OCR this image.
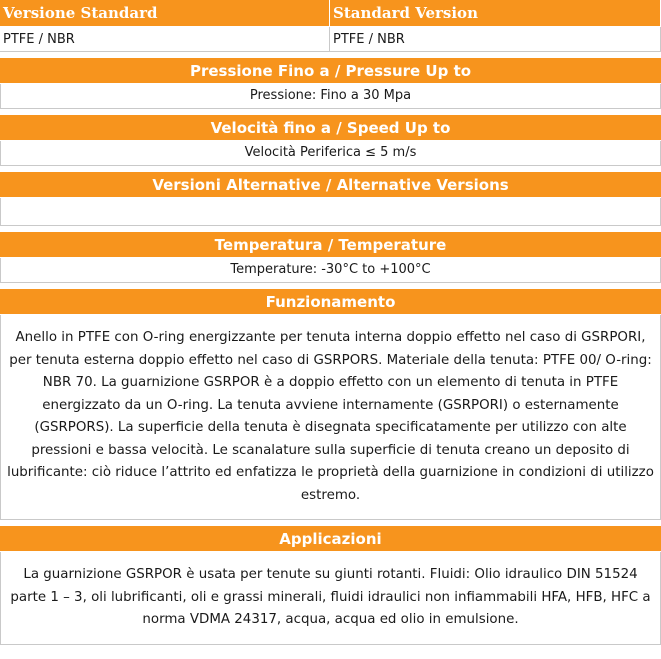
Versione Standard	Standard Version
PTFE / NBR	PTFE / NBR
Pressione Fino a / Pressure Up to
Pressione: Fino a 30 Mpa
Velocità fino a / Speed Up to
Velocità Periferica ≤ 5 m/s
Versioni Alternative / Alternative Versions
Temperatura / Temperature
Temperature: -30°C to +100°C
Funzionamento
Anello in PTFE con O-ring energizzante per tenuta interna doppio effetto nel caso di GSRPORI, per tenuta esterna doppio effetto nel caso di GSRPORS. Materiale della tenuta: PTFE 00/ O-ring: NBR 70. La guarnizione GSRPOR è a doppio effetto con un elemento di tenuta in PTFE energizzato da un O-ring. La tenuta avviene internamente (GSRPORI) o esternamente (GSRPORS). La superficie della tenuta è disegnata specificatamente per utilizzo con alte pressioni e bassa velocità. Le scanalature sulla superficie di tenuta creano un deposito di lubrificante: ciò riduce l’attrito ed enfatizza le proprietà della guarnizione in condizioni di utilizzo estremo.
Applicazioni
La guarnizione GSRPOR è usata per tenute su giunti rotanti. Fluidi: Olio idraulico DIN 51524 parte 1 – 3, oli lubrificanti, oli e grassi minerali, fluidi idraulici non infiammabili HFA, HFB, HFC a norma VDMA 24317, acqua, acqua ed olio in emulsione.
